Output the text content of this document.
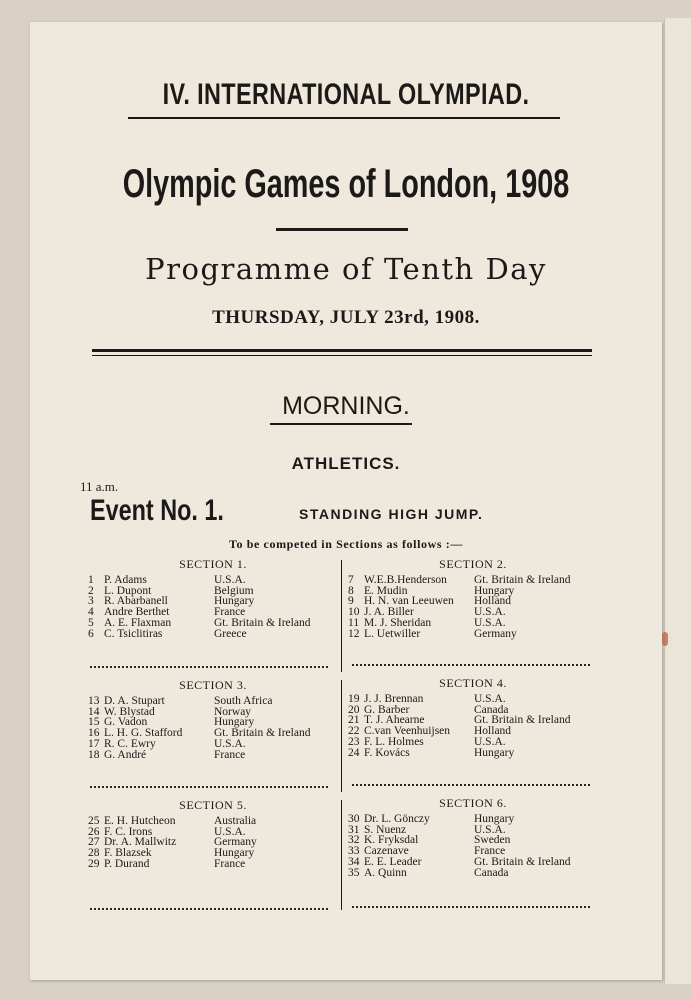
IV. INTERNATIONAL OLYMPIAD.
Olympic Games of London, 1908
Programme of Tenth Day
THURSDAY, JULY 23rd, 1908.
MORNING.
ATHLETICS.
11 a.m.
Event No. 1.	STANDING HIGH JUMP.
To be competed in Sections as follows :—
SECTION 1.
1 P. Adams	U.S.A.
2 L. Dupont	Belgium
3 R. Abarbanell	Hungary
4 Andre Berthet	France
5 A. E. Flaxman	Gt. Britain & Ireland
6 C. Tsiclitiras	Greece
SECTION 2.
7 W.E.B.Henderson	Gt. Britain & Ireland
8 E. Mudin	Hungary
9 H. N. van Leeuwen	Holland
10 J. A. Biller	U.S.A.
11 M. J. Sheridan	U.S.A.
12 L. Uetwiller	Germany
SECTION 3.
13 D. A. Stupart	South Africa
14 W. Blystad	Norway
15 G. Vadon	Hungary
16 L. H. G. Stafford	Gt. Britain & Ireland
17 R. C. Ewry	U.S.A.
18 G. André	France
SECTION 4.
19 J. J. Brennan	U.S.A.
20 G. Barber	Canada
21 T. J. Ahearne	Gt. Britain & Ireland
22 C.van Veenhuijsen	Holland
23 F. L. Holmes	U.S.A.
24 F. Kovács	Hungary
SECTION 5.
25 E. H. Hutcheon	Australia
26 F. C. Irons	U.S.A.
27 Dr. A. Mallwitz	Germany
28 F. Blazsek	Hungary
29 P. Durand	France
SECTION 6.
30 Dr. L. Gönczy	Hungary
31 S. Nuenz	U.S.A.
32 K. Fryksdal	Sweden
33 Cazenave	France
34 E. E. Leader	Gt. Britain & Ireland
35 A. Quinn	Canada
